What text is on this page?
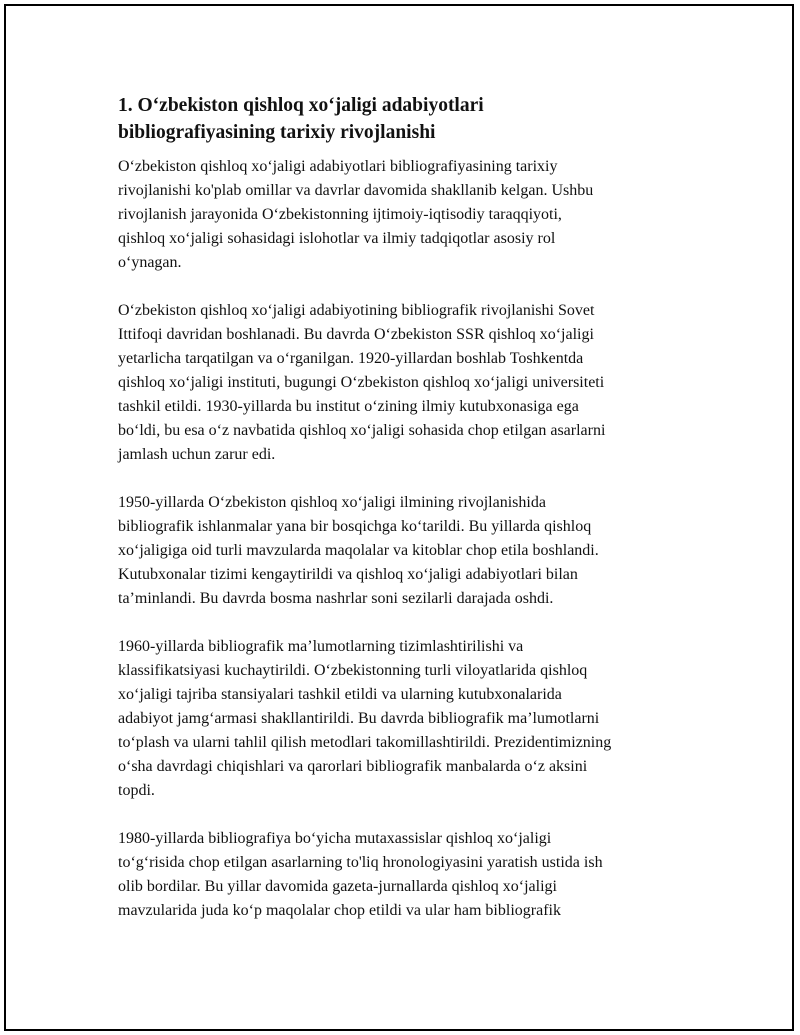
1. O‘zbekiston qishloq xo‘jaligi adabiyotlari
bibliografiyasining tarixiy rivojlanishi

O‘zbekiston qishloq xo‘jaligi adabiyotlari bibliografiyasining tarixiy
rivojlanishi ko'plab omillar va davrlar davomida shakllanib kelgan. Ushbu
rivojlanish jarayonida O‘zbekistonning ijtimoiy-iqtisodiy taraqqiyoti,
qishloq xo‘jaligi sohasidagi islohotlar va ilmiy tadqiqotlar asosiy rol
o‘ynagan.

O‘zbekiston qishloq xo‘jaligi adabiyotining bibliografik rivojlanishi Sovet
Ittifoqi davridan boshlanadi. Bu davrda O‘zbekiston SSR qishloq xo‘jaligi
yetarlicha tarqatilgan va o‘rganilgan. 1920-yillardan boshlab Toshkentda
qishloq xo‘jaligi instituti, bugungi O‘zbekiston qishloq xo‘jaligi universiteti
tashkil etildi. 1930-yillarda bu institut o‘zining ilmiy kutubxonasiga ega
bo‘ldi, bu esa o‘z navbatida qishloq xo‘jaligi sohasida chop etilgan asarlarni
jamlash uchun zarur edi.

1950-yillarda O‘zbekiston qishloq xo‘jaligi ilmining rivojlanishida
bibliografik ishlanmalar yana bir bosqichga ko‘tarildi. Bu yillarda qishloq
xo‘jaligiga oid turli mavzularda maqolalar va kitoblar chop etila boshlandi.
Kutubxonalar tizimi kengaytirildi va qishloq xo‘jaligi adabiyotlari bilan
ta’minlandi. Bu davrda bosma nashrlar soni sezilarli darajada oshdi.

1960-yillarda bibliografik ma’lumotlarning tizimlashtirilishi va
klassifikatsiyasi kuchaytirildi. O‘zbekistonning turli viloyatlarida qishloq
xo‘jaligi tajriba stansiyalari tashkil etildi va ularning kutubxonalarida
adabiyot jamg‘armasi shakllantirildi. Bu davrda bibliografik ma’lumotlarni
to‘plash va ularni tahlil qilish metodlari takomillashtirildi. Prezidentimizning
o‘sha davrdagi chiqishlari va qarorlari bibliografik manbalarda o‘z aksini
topdi.

1980-yillarda bibliografiya bo‘yicha mutaxassislar qishloq xo‘jaligi
to‘g‘risida chop etilgan asarlarning to'liq hronologiyasini yaratish ustida ish
olib bordilar. Bu yillar davomida gazeta-jurnallarda qishloq xo‘jaligi
mavzularida juda ko‘p maqolalar chop etildi va ular ham bibliografik
